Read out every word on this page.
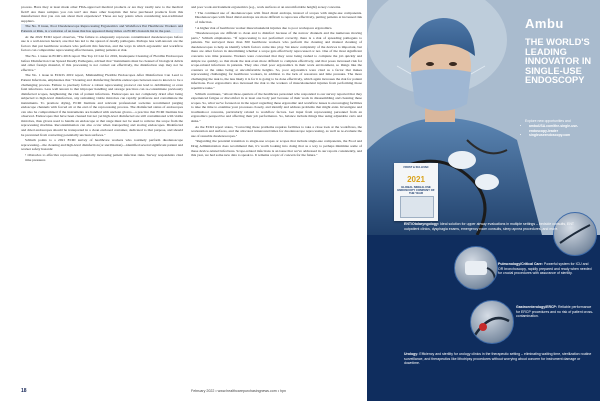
process. Have they at least made other FDA-approved medical products or are they totally new to the medical field? Are there samples you can test? Are there other hospitals that have purchased products from this manufacturer that you can ask about their experience? Those are key points when considering non-traditional suppliers.

The No. 8 issue, Poor Duodenoscope Reprocessing Ergonomics and Workflows Put Healthcare Workers and Patients at Risk, is a variation of an issue that has appeared many times on ECRI's hazards list in the past.

At the 2022 ECRI report observes, "The failure to adequately reprocess contaminated duodenoscopes before use is a well-known hazard, one that has led to the spread of deadly pathogens. Perhaps less well-known are the factors that put healthcare workers who perform this function, and the ways in which ergonomic and workflow factors can compromise reprocessing effectiveness, putting patients at risk.

The No. 1 issue in ECRI's 2016 report The Top 10 List for 2016, Inadequate Cleaning of Flexible Endoscopes before Disinfection Can Spread Deadly Pathogens, advised that "instruments must be cleaned of biological debris and other foreign material, if this processing is not carried out effectively, the disinfection step may not be effective."

The No. 1 issue in ECRI's 2019 report, Mishandling Flexible Endoscopes After Disinfection Can Lead to Patient Infections, emphasizes that "Cleaning and disinfecting flexible endoscopes between uses is known to be a challenging process. Failure to precisely follow a robust reprocessing protocol can lead to debilitating or even fatal infections. Less well known is that improper handling and storage practices can re-contaminate previously disinfected scopes, heightening the risk of patient infections. Endoscopes are not completely dried after being subjected to high-level disinfection, any remaining viable microbes can rapidly proliferate and contaminate the instruments. To promote drying, ECRI Institute and relevant professional societies recommend purging endoscope channels with forced air at the end of the reprocessing process. The disinfected status of endoscopes can also be compromised if the instruments are handled with unclean gloves—a practice that ECRI Institute has observed. Endoscopes that have been cleaned but not yet high-level disinfected are still contaminated with viable microbes, thus gloves used to handle an endoscope at that stage must not be used to remove the scope from the reprocessing machine. Recontamination can also occur when transporting and storing endoscopes. Disinfected and dried endoscopes should be transported in a clean enclosed container, dedicated to that purpose, and should be prevented from contacting potentially unclean surfaces."

Schluth points to a 2021 ECRI survey of healthcare workers who routinely perform duodenoscope reprocessing—the cleaning and high-level disinfection (or sterilization)—identified several significant patient and worker safety hazards:

• Obstacles to effective reprocessing, potentially increasing patient infection risks. Survey respondents cited time pressures

and poor work environment ergonomics (e.g., work surfaces at an uncomfortable height) as key concerns.

• The continued use of duodenoscopes with fixed distal endcaps, instead of scopes with single-use components. Duodenoscopes with fixed distal endcaps are more difficult to reprocess effectively, putting patients at increased risk of infection.

• A higher risk of healthcare worker musculoskeletal injuries due to poor workspace ergonomics.

"Duodenoscopes are difficult to clean and to disinfect because of the narrow channels and the numerous moving parts," Schluth emphasizes. "If reprocessing is not performed correctly, there is a risk of spreading pathogens to patients. We surveyed more than 300 healthcare workers who perform the cleaning and manual cleaning of duodenoscopes to help us identify which factors come into play. We know complexity of the devices is important, but there are other factors in determining whether a scope gets effectively reprocessed or not. One of the most significant concerns was time pressure. Workers were concerned that they were being rushed to complete the job quickly and simple too quickly, so that made the task even more difficult to complete effectively, and that poses increased risk for scope-related infections in patients. They also cited poor ergonomics in their work environment, so things like the counters or the sinks being at uncomfortable heights. So, poor ergonomics were cited as a factor that makes reprocessing challenging for healthcare workers, in addition to the lack of resources and time pressure. The more challenging the task is, the less likely it is for it is going to be done effectively, which again increases the risk for patient infections. Poor ergonomics also increased the risk to the workers of musculoskeletal injuries from performing those repetitive tasks."

Schluth continues, "About three-quarters of the healthcare personnel who responded to our survey reported that they experienced fatigue or discomfort in at least one body part because of their work in disassembling and cleaning these scopes. So, what we've focused on in the report regarding these ergonomic and workflow issues is encouraging facilities to take the time to examine your processes closely, and identify and address problems that might exist. Investigate and troubleshoot concerns, particularly related to workflow factors. Get input from reprocessing personnel from an ergonomics perspective and affecting their job performance. So, balance include things like using adjustable carts and sinks."

As the ECRI report states, "Correcting these problems requires facilities to take a close look at the workflows, the workstation and surfaces, and the allocated turnaround times for duodenoscope reprocessing, as well as re-evaluate the use of reusable duodenoscopes."

"Regarding the potential transition to single-use scopes or scopes that include single-use components, the Food and Drug Administration does recommend that, it's worth looking into doing that as a way to perhaps minimize some of these device-related infections. Scope-related infections is an issue that we've addressed in our reports consistently, and this year, we had some new data to speak to. It remains a topic of concern for the future."

18	February 2022 • www.healthcarepurchasingnews.com • hpn
Ambu
THE WORLD'S LEADING INNOVATOR IN SINGLE-USE ENDOSCOPY
Explore new opportunities and
• ambuUSA.com/the-single-use-endoscopy-leader
• singleuseendoscopy.com
FROST & SULLIVAN
2021
GLOBAL SINGLE-USE ENDOSCOPY COMPANY OF THE YEAR
ENT/Otolaryngology: Ideal solution for upper airway evaluations in multiple settings – bedside consults, ENT outpatient clinics, dysphagia exams, emergency room consults, sleep apnea procedures, and more.
Pulmonology/Critical Care: Powerful system for ICU and OR bronchoscopy, rapidly prepared and ready when needed for crucial procedures with assurance of sterility.
Gastroenterology/ERCP: Reliable performance for ERCP procedures and no risk of patient cross-contamination.
Urology: Efficiency and sterility for urology clinics in the therapeutic setting – eliminating waiting time, sterilization routine surveillance, and therapeutics like lithotripsy procedures without worrying about concern for instrument damage or downtime.
